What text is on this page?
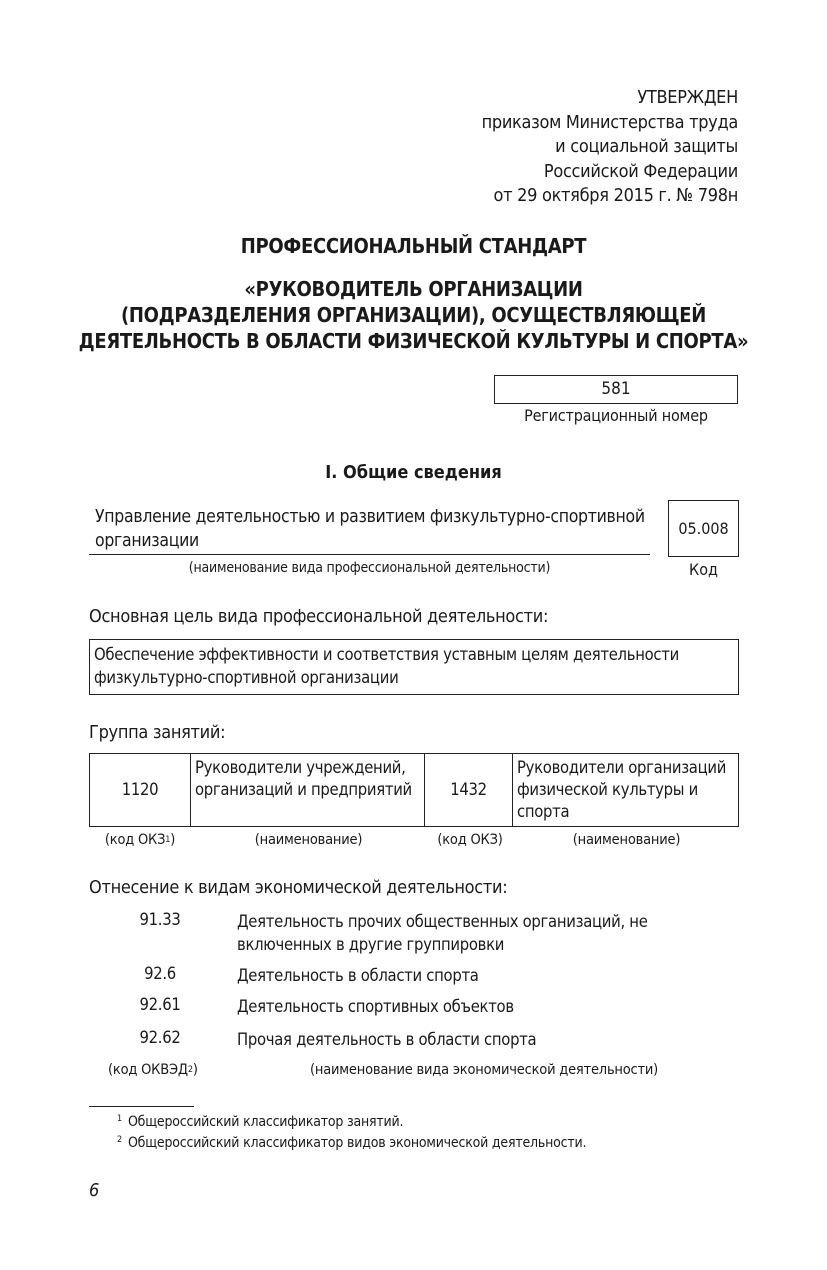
УТВЕРЖДЕН
приказом Министерства труда
и социальной защиты
Российской Федерации
от 29 октября 2015 г. № 798н
ПРОФЕССИОНАЛЬНЫЙ СТАНДАРТ
«РУКОВОДИТЕЛЬ ОРГАНИЗАЦИИ
(ПОДРАЗДЕЛЕНИЯ ОРГАНИЗАЦИИ), ОСУЩЕСТВЛЯЮЩЕЙ
ДЕЯТЕЛЬНОСТЬ В ОБЛАСТИ ФИЗИЧЕСКОЙ КУЛЬТУРЫ И СПОРТА»
581
Регистрационный номер
I. Общие сведения
Управление деятельностью и развитием физкультурно-спортивной организации
(наименование вида профессиональной деятельности)
05.008
Код
Основная цель вида профессиональной деятельности:
Обеспечение эффективности и соответствия уставным целям деятельности физкультурно-спортивной организации
Группа занятий:
1120	Руководители учреждений, организаций и предприятий	1432	Руководители организаций физической культуры и спорта
(код ОКЗ$^1$)	(наименование)	(код ОКЗ)	(наименование)
Отнесение к видам экономической деятельности:
91.33	Деятельность прочих общественных организаций, не включенных в другие группировки
92.6	Деятельность в области спорта
92.61	Деятельность спортивных объектов
92.62	Прочая деятельность в области спорта
(код ОКВЭД$^2$)	(наименование вида экономической деятельности)
$^1$ Общероссийский классификатор занятий.
$^2$ Общероссийский классификатор видов экономической деятельности.
6
